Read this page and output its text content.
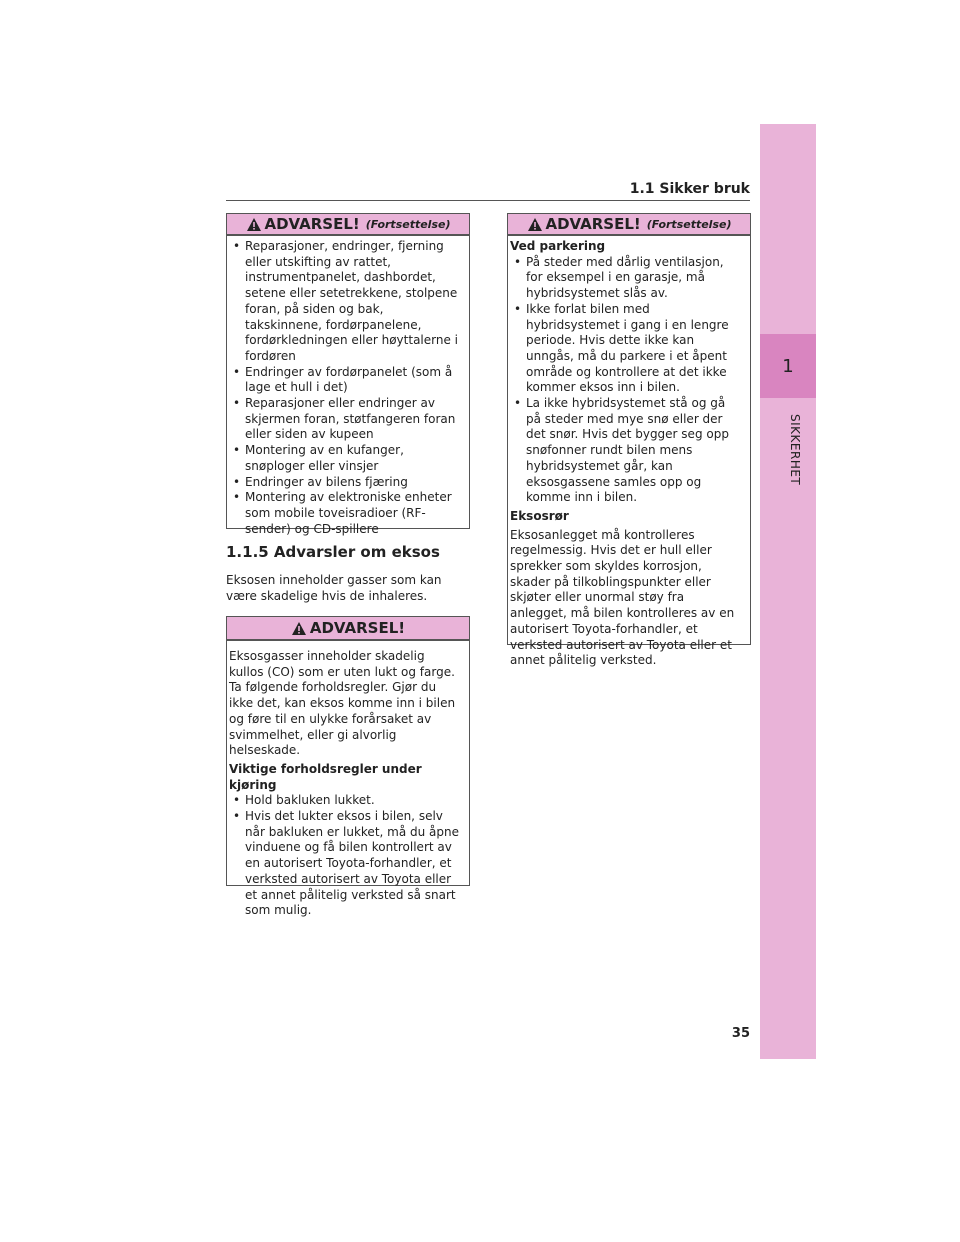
1.1 Sikker bruk
1
SIKKERHET
ADVARSEL! (Fortsettelse)
• Reparasjoner, endringer, fjerning eller utskifting av rattet, instrumentpanelet, dashbordet, setene eller setetrekkene, stolpene foran, på siden og bak, takskinnene, fordørpanelene, fordørkledningen eller høyttalerne i fordøren
• Endringer av fordørpanelet (som å lage et hull i det)
• Reparasjoner eller endringer av skjermen foran, støtfangeren foran eller siden av kupeen
• Montering av en kufanger, snøploger eller vinsjer
• Endringer av bilens fjæring
• Montering av elektroniske enheter som mobile toveisradioer (RF-sender) og CD-spillere
1.1.5 Advarsler om eksos
Eksosen inneholder gasser som kan være skadelige hvis de inhaleres.
ADVARSEL!
Eksosgasser inneholder skadelig kullos (CO) som er uten lukt og farge. Ta følgende forholdsregler. Gjør du ikke det, kan eksos komme inn i bilen og føre til en ulykke forårsaket av svimmelhet, eller gi alvorlig helseskade.
Viktige forholdsregler under kjøring
• Hold bakluken lukket.
• Hvis det lukter eksos i bilen, selv når bakluken er lukket, må du åpne vinduene og få bilen kontrollert av en autorisert Toyota-forhandler, et verksted autorisert av Toyota eller et annet pålitelig verksted så snart som mulig.
ADVARSEL! (Fortsettelse)
Ved parkering
• På steder med dårlig ventilasjon, for eksempel i en garasje, må hybridsystemet slås av.
• Ikke forlat bilen med hybridsystemet i gang i en lengre periode. Hvis dette ikke kan unngås, må du parkere i et åpent område og kontrollere at det ikke kommer eksos inn i bilen.
• La ikke hybridsystemet stå og gå på steder med mye snø eller der det snør. Hvis det bygger seg opp snøfonner rundt bilen mens hybridsystemet går, kan eksosgassene samles opp og komme inn i bilen.
Eksosrør
Eksosanlegget må kontrolleres regelmessig. Hvis det er hull eller sprekker som skyldes korrosjon, skader på tilkoblingspunkter eller skjøter eller unormal støy fra anlegget, må bilen kontrolleres av en autorisert Toyota-forhandler, et verksted autorisert av Toyota eller et annet pålitelig verksted.
35
